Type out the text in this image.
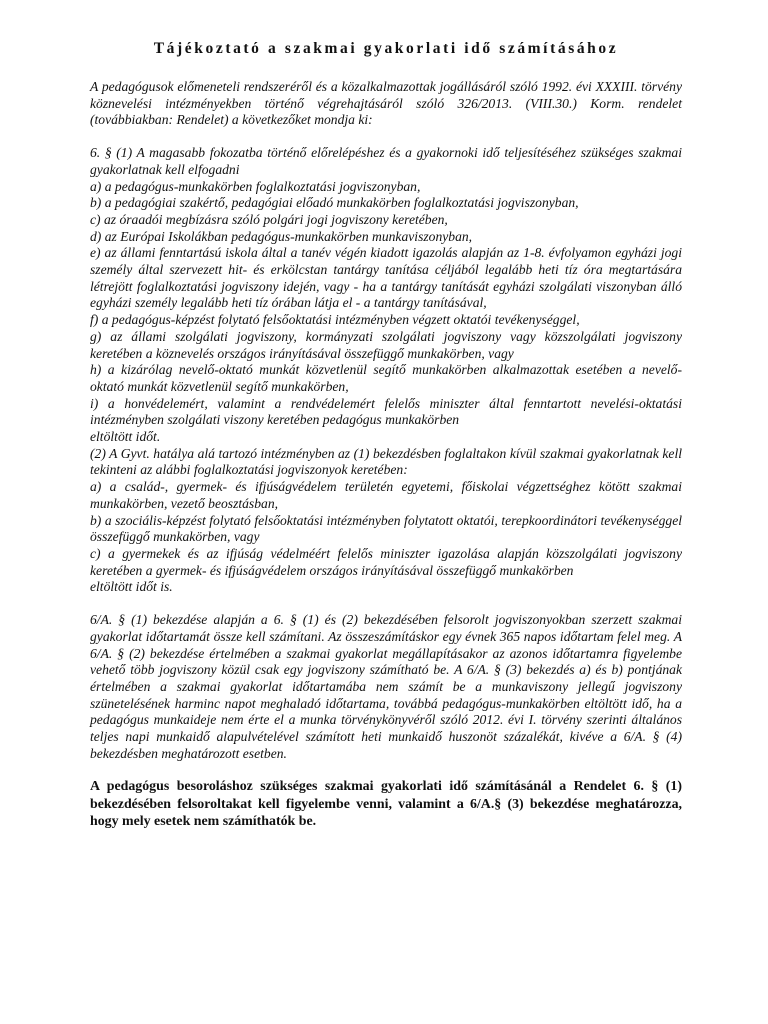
Tájékoztató a szakmai gyakorlati idő számításához

A pedagógusok előmeneteli rendszeréről és a közalkalmazottak jogállásáról szóló 1992. évi XXXIII. törvény köznevelési intézményekben történő végrehajtásáról szóló 326/2013. (VIII.30.) Korm. rendelet (továbbiakban: Rendelet) a következőket mondja ki:

6. § (1) A magasabb fokozatba történő előrelépéshez és a gyakornoki idő teljesítéséhez szükséges szakmai gyakorlatnak kell elfogadni

a) a pedagógus-munkakörben foglalkoztatási jogviszonyban,

b) a pedagógiai szakértő, pedagógiai előadó munkakörben foglalkoztatási jogviszonyban,

c) az óraadói megbízásra szóló polgári jogi jogviszony keretében,

d) az Európai Iskolákban pedagógus-munkakörben munkaviszonyban,

e) az állami fenntartású iskola által a tanév végén kiadott igazolás alapján az 1-8. évfolyamon egyházi jogi személy által szervezett hit- és erkölcstan tantárgy tanítása céljából legalább heti tíz óra megtartására létrejött foglalkoztatási jogviszony idején, vagy - ha a tantárgy tanítását egyházi szolgálati viszonyban álló egyházi személy legalább heti tíz órában látja el - a tantárgy tanításával,

f) a pedagógus-képzést folytató felsőoktatási intézményben végzett oktatói tevékenységgel,

g) az állami szolgálati jogviszony, kormányzati szolgálati jogviszony vagy közszolgálati jogviszony keretében a köznevelés országos irányításával összefüggő munkakörben, vagy

h) a kizárólag nevelő-oktató munkát közvetlenül segítő munkakörben alkalmazottak esetében a nevelő-oktató munkát közvetlenül segítő munkakörben,

i) a honvédelemért, valamint a rendvédelemért felelős miniszter által fenntartott nevelési-oktatási intézményben szolgálati viszony keretében pedagógus munkakörben

eltöltött időt.

(2) A Gyvt. hatálya alá tartozó intézményben az (1) bekezdésben foglaltakon kívül szakmai gyakorlatnak kell tekinteni az alábbi foglalkoztatási jogviszonyok keretében:

a) a család-, gyermek- és ifjúságvédelem területén egyetemi, főiskolai végzettséghez kötött szakmai munkakörben, vezető beosztásban,

b) a szociális-képzést folytató felsőoktatási intézményben folytatott oktatói, terepkoordinátori tevékenységgel összefüggő munkakörben, vagy

c) a gyermekek és az ifjúság védelméért felelős miniszter igazolása alapján közszolgálati jogviszony keretében a gyermek- és ifjúságvédelem országos irányításával összefüggő munkakörben

eltöltött időt is.

6/A. § (1) bekezdése alapján a 6. § (1) és (2) bekezdésében felsorolt jogviszonyokban szerzett szakmai gyakorlat időtartamát össze kell számítani. Az összeszámításkor egy évnek 365 napos időtartam felel meg. A 6/A. § (2) bekezdése értelmében a szakmai gyakorlat megállapításakor az azonos időtartamra figyelembe vehető több jogviszony közül csak egy jogviszony számítható be. A 6/A. § (3) bekezdés a) és b) pontjának értelmében a szakmai gyakorlat időtartamába nem számít be a munkaviszony jellegű jogviszony szünetelésének harminc napot meghaladó időtartama, továbbá pedagógus-munkakörben eltöltött idő, ha a pedagógus munkaideje nem érte el a munka törvénykönyvéről szóló 2012. évi I. törvény szerinti általános teljes napi munkaidő alapulvételével számított heti munkaidő huszonöt százalékát, kivéve a 6/A. § (4) bekezdésben meghatározott esetben.

A pedagógus besoroláshoz szükséges szakmai gyakorlati idő számításánál a Rendelet 6. § (1) bekezdésében felsoroltakat kell figyelembe venni, valamint a 6/A.§ (3) bekezdése meghatározza, hogy mely esetek nem számíthatók be.
